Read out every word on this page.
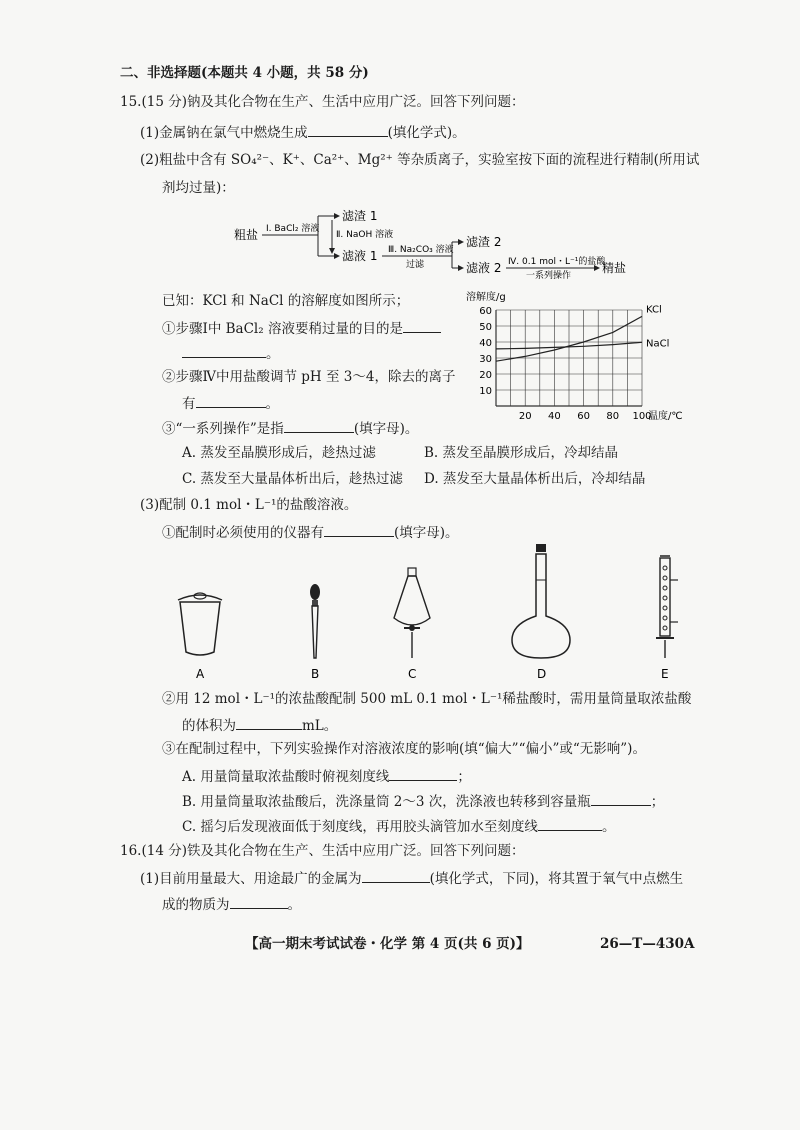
二、非选择题(本题共 4 小题，共 58 分)
15.(15 分)钠及其化合物在生产、生活中应用广泛。回答下列问题：
(1)金属钠在氯气中燃烧生成	(填化学式)。
(2)粗盐中含有 SO₄²⁻、K⁺、Ca²⁺、Mg²⁺ 等杂质离子，实验室按下面的流程进行精制(所用试
剂均过量)：
粗盐 Ⅰ. BaCl₂ 溶液
滤渣 1
Ⅱ. NaOH 溶液
滤液 1 Ⅲ. Na₂CO₃ 溶液
过滤
滤渣 2
滤液 2 Ⅳ. 0.1 mol・L⁻¹的盐酸
一系列操作
精盐
已知：KCl 和 NaCl 的溶解度如图所示；
①步骤Ⅰ中 BaCl₂ 溶液要稍过量的目的是
。
②步骤Ⅳ中用盐酸调节 pH 至 3～4，除去的离子
有	。
10
20
30
40
50
60
20 40 60 80 100
溶解度/g
温度/℃
KCl
NaCl
③“一系列操作”是指	(填字母)。
A. 蒸发至晶膜形成后，趁热过滤	B. 蒸发至晶膜形成后，冷却结晶
C. 蒸发至大量晶体析出后，趁热过滤 D. 蒸发至大量晶体析出后，冷却结晶
(3)配制 0.1 mol・L⁻¹的盐酸溶液。
①配制时必须使用的仪器有	(填字母)。
A	B	C	D	E
②用 12 mol・L⁻¹的浓盐酸配制 500 mL 0.1 mol・L⁻¹稀盐酸时，需用量筒量取浓盐酸
的体积为	mL。
③在配制过程中，下列实验操作对溶液浓度的影响(填“偏大”“偏小”或“无影响”)。
A. 用量筒量取浓盐酸时俯视刻度线	；
B. 用量筒量取浓盐酸后，洗涤量筒 2～3 次，洗涤液也转移到容量瓶	；
C. 摇匀后发现液面低于刻度线，再用胶头滴管加水至刻度线	。
16.(14 分)铁及其化合物在生产、生活中应用广泛。回答下列问题：
(1)目前用量最大、用途最广的金属为	(填化学式，下同)，将其置于氧气中点燃生
成的物质为	。
【高一期末考试试卷・化学 第 4 页(共 6 页)】	26—T—430A
